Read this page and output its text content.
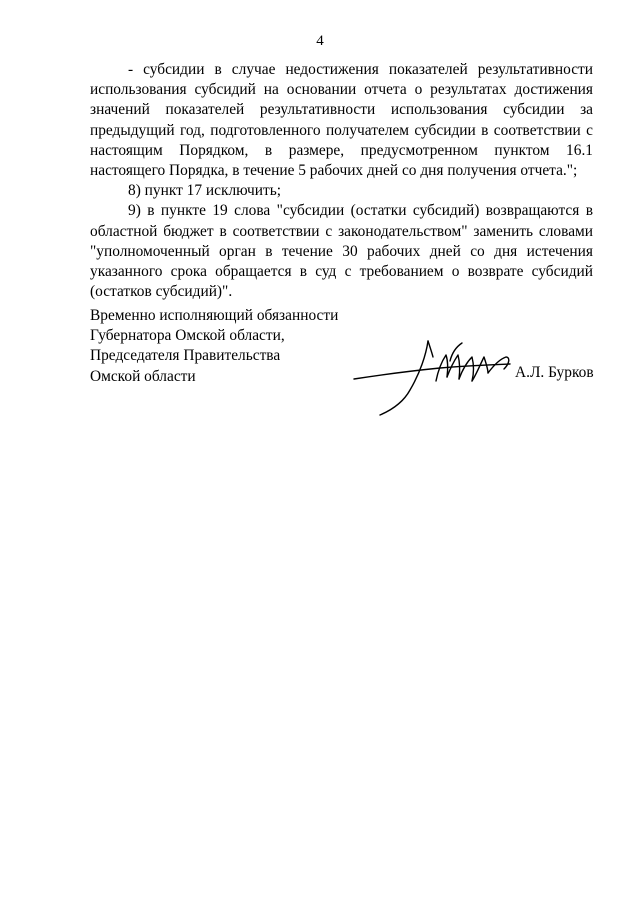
4

- субсидии в случае недостижения показателей результативности использования субсидий на основании отчета о результатах достижения значений показателей результативности использования субсидии за предыдущий год, подготовленного получателем субсидии в соответствии с настоящим Порядком, в размере, предусмотренном пунктом 16.1 настоящего Порядка, в течение 5 рабочих дней со дня получения отчета.";

8) пункт 17 исключить;

9) в пункте 19 слова "субсидии (остатки субсидий) возвращаются в областной бюджет в соответствии с законодательством" заменить словами "уполномоченный орган в течение 30 рабочих дней со дня истечения указанного срока обращается в суд с требованием о возврате субсидий (остатков субсидий)".

Временно исполняющий обязанности
Губернатора Омской области,
Председателя Правительства
Омской области	А.Л. Бурков
